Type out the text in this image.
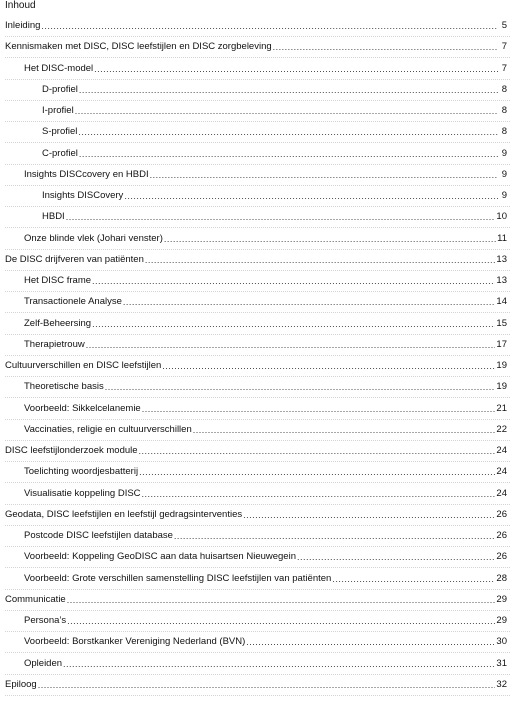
Inhoud
Inleiding .....	5
Kennismaken met DISC, DISC leefstijlen en DISC zorgbeleving .....	7
Het DISC-model .....	7
D-profiel .....	8
I-profiel .....	8
S-profiel .....	8
C-profiel .....	9
Insights DISCcovery en HBDI .....	9
Insights DISCovery .....	9
HBDI .....	10
Onze blinde vlek (Johari venster) .....	11
De DISC drijfveren van patiënten .....	13
Het DISC frame .....	13
Transactionele Analyse .....	14
Zelf-Beheersing .....	15
Therapietrouw .....	17
Cultuurverschillen en DISC leefstijlen .....	19
Theoretische basis .....	19
Voorbeeld: Sikkelcelanemie .....	21
Vaccinaties, religie en cultuurverschillen .....	22
DISC leefstijlonderzoek module .....	24
Toelichting woordjesbatterij .....	24
Visualisatie koppeling DISC .....	24
Geodata, DISC leefstijlen en leefstijl gedragsinterventies .....	26
Postcode DISC leefstijlen database .....	26
Voorbeeld: Koppeling GeoDISC aan data huisartsen Nieuwegein .....	26
Voorbeeld: Grote verschillen samenstelling DISC leefstijlen van patiënten .....	28
Communicatie .....	29
Persona’s .....	29
Voorbeeld: Borstkanker Vereniging Nederland (BVN) .....	30
Opleiden .....	31
Epiloog .....	32
